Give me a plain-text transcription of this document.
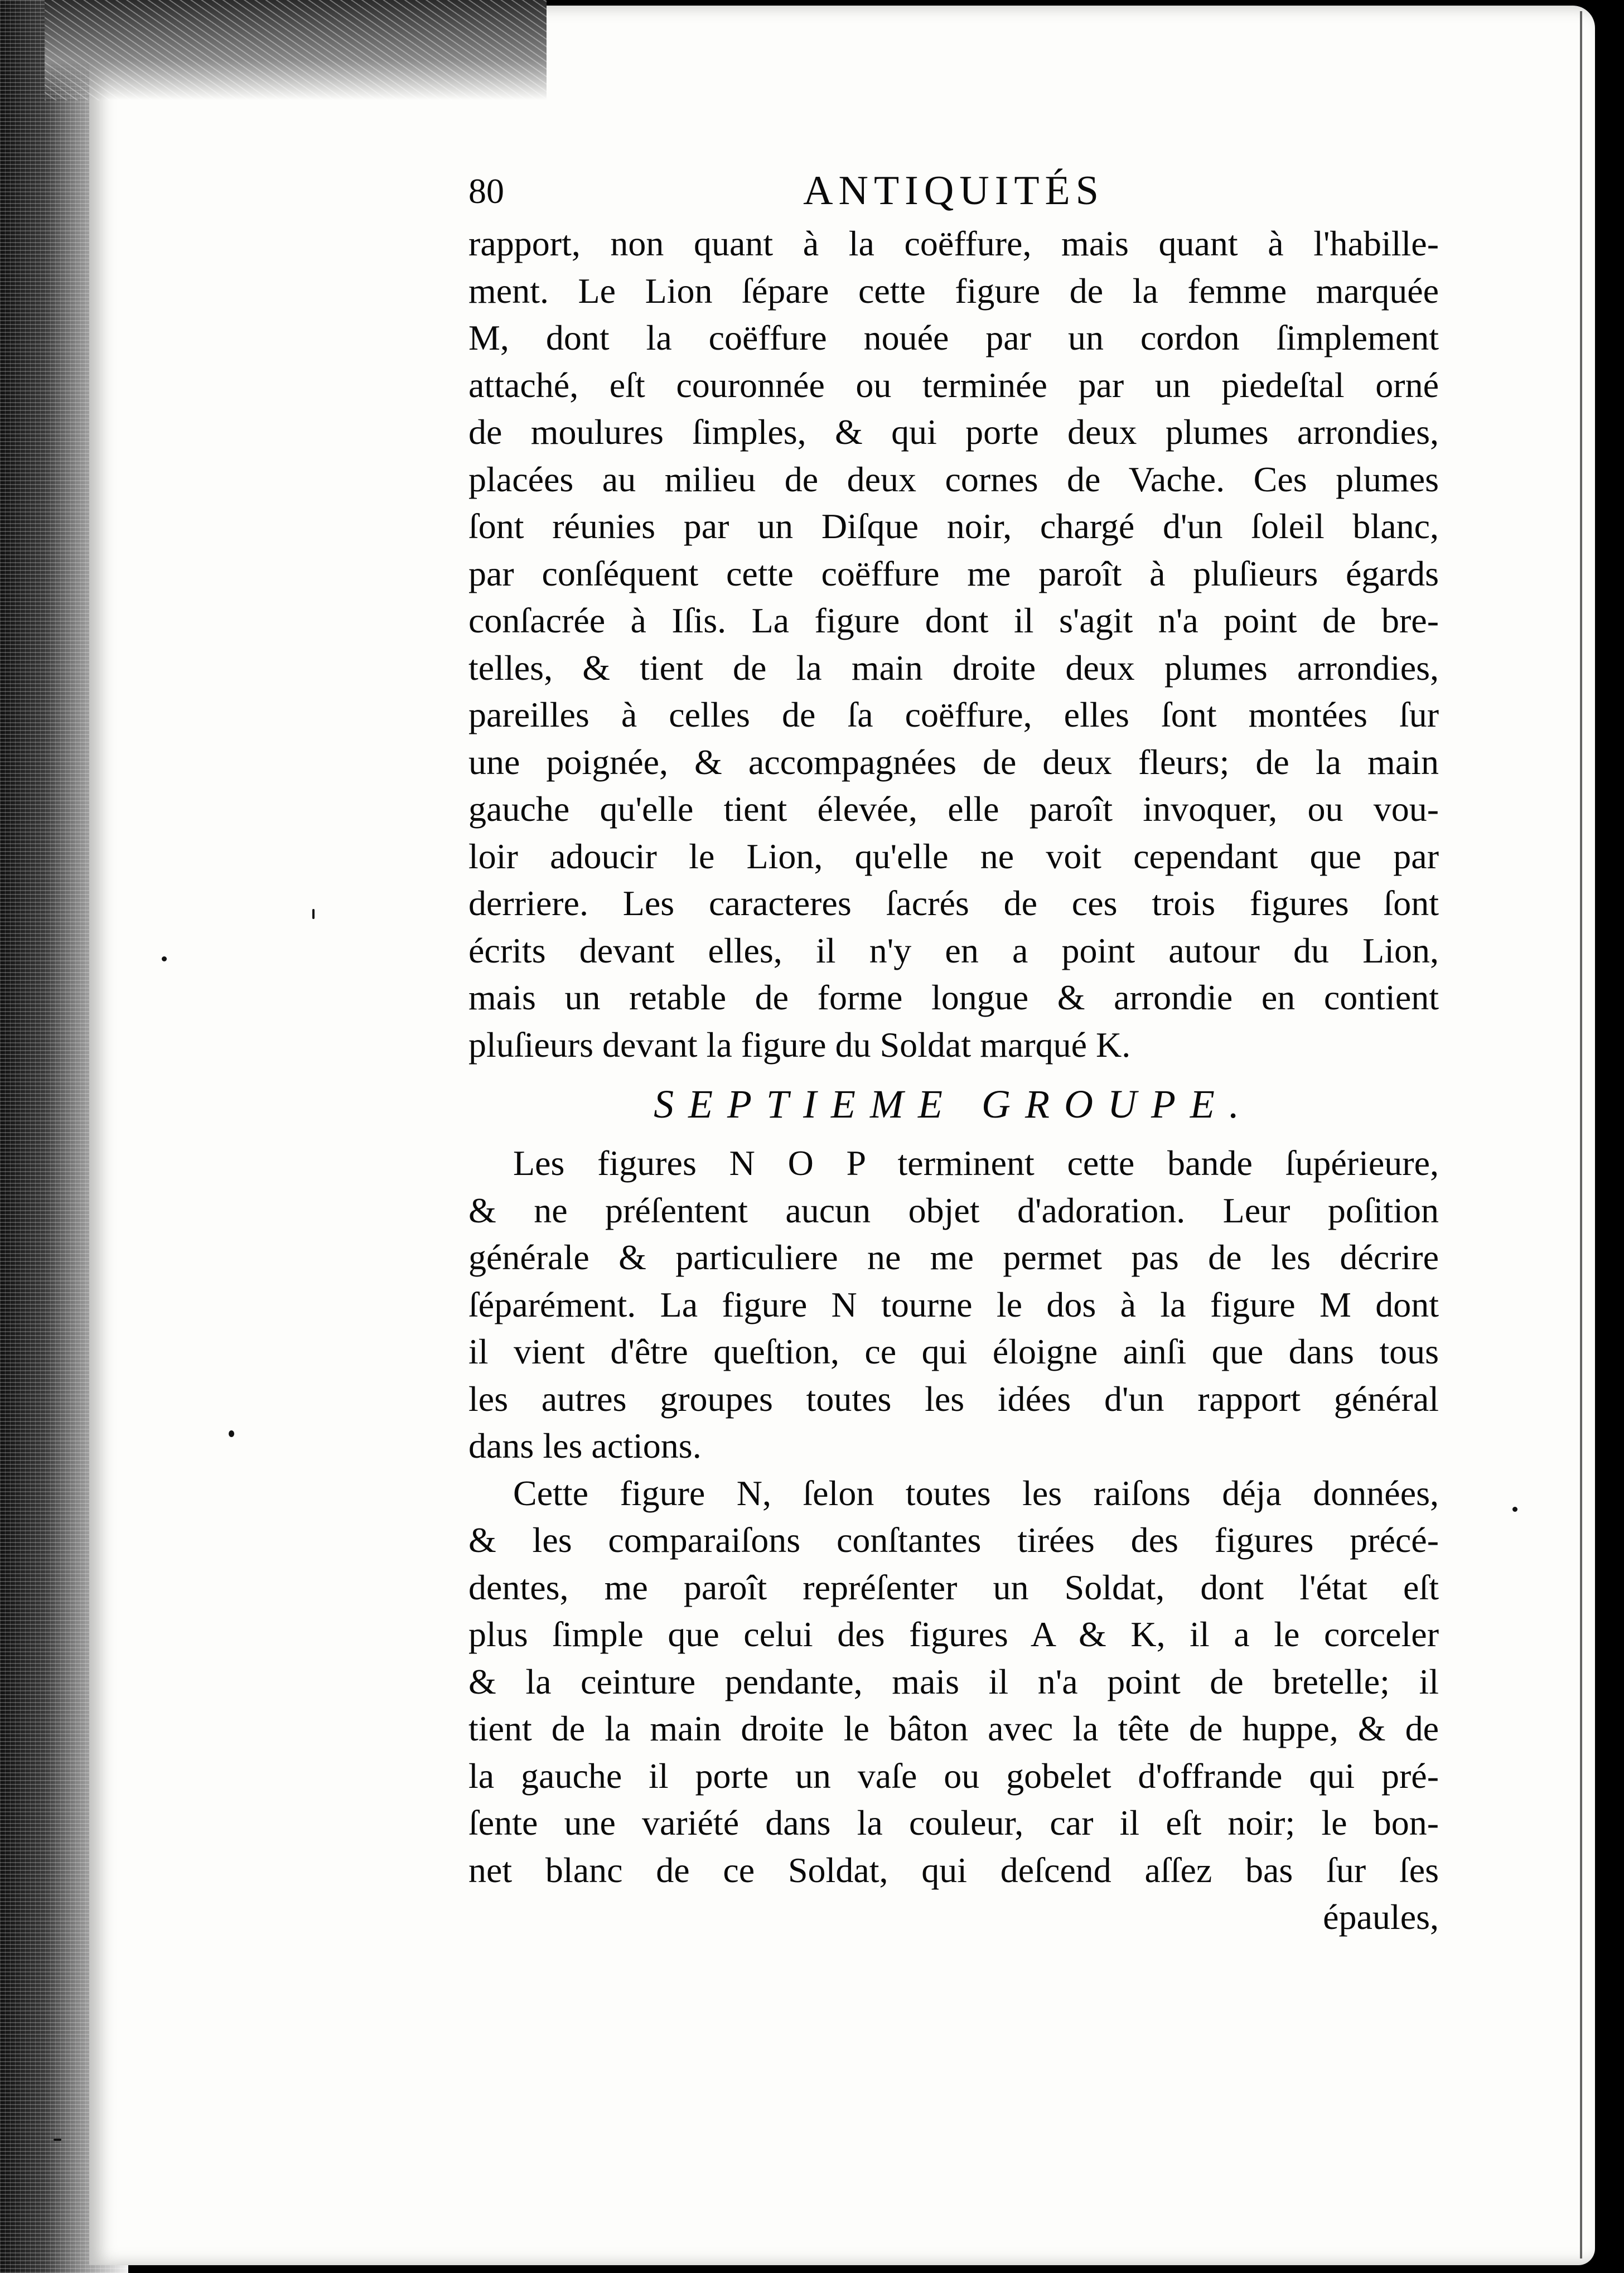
80	ANTIQUITÉS
rapport, non quant à la coëffure, mais quant à l'habille-
ment. Le Lion ſépare cette figure de la femme marquée
M, dont la coëffure nouée par un cordon ſimplement
attaché, eſt couronnée ou terminée par un piedeſtal orné
de moulures ſimples, & qui porte deux plumes arrondies,
placées au milieu de deux cornes de Vache. Ces plumes
ſont réunies par un Diſque noir, chargé d'un ſoleil blanc,
par conſéquent cette coëffure me paroît à pluſieurs égards
conſacrée à Iſis. La figure dont il s'agit n'a point de bre-
telles, & tient de la main droite deux plumes arrondies,
pareilles à celles de ſa coëffure, elles ſont montées ſur
une poignée, & accompagnées de deux fleurs; de la main
gauche qu'elle tient élevée, elle paroît invoquer, ou vou-
loir adoucir le Lion, qu'elle ne voit cependant que par
derriere. Les caracteres ſacrés de ces trois figures ſont
écrits devant elles, il n'y en a point autour du Lion,
mais un retable de forme longue & arrondie en contient
pluſieurs devant la figure du Soldat marqué K.
SEPTIEME GROUPE.
Les figures N O P terminent cette bande ſupérieure,
& ne préſentent aucun objet d'adoration. Leur poſition
générale & particuliere ne me permet pas de les décrire
ſéparément. La figure N tourne le dos à la figure M dont
il vient d'être queſtion, ce qui éloigne ainſi que dans tous
les autres groupes toutes les idées d'un rapport général
dans les actions.
Cette figure N, ſelon toutes les raiſons déja données,
& les comparaiſons conſtantes tirées des figures précé-
dentes, me paroît repréſenter un Soldat, dont l'état eſt
plus ſimple que celui des figures A & K, il a le corceler
& la ceinture pendante, mais il n'a point de bretelle; il
tient de la main droite le bâton avec la tête de huppe, & de
la gauche il porte un vaſe ou gobelet d'offrande qui pré-
ſente une variété dans la couleur, car il eſt noir; le bon-
net blanc de ce Soldat, qui deſcend aſſez bas ſur ſes
épaules,
